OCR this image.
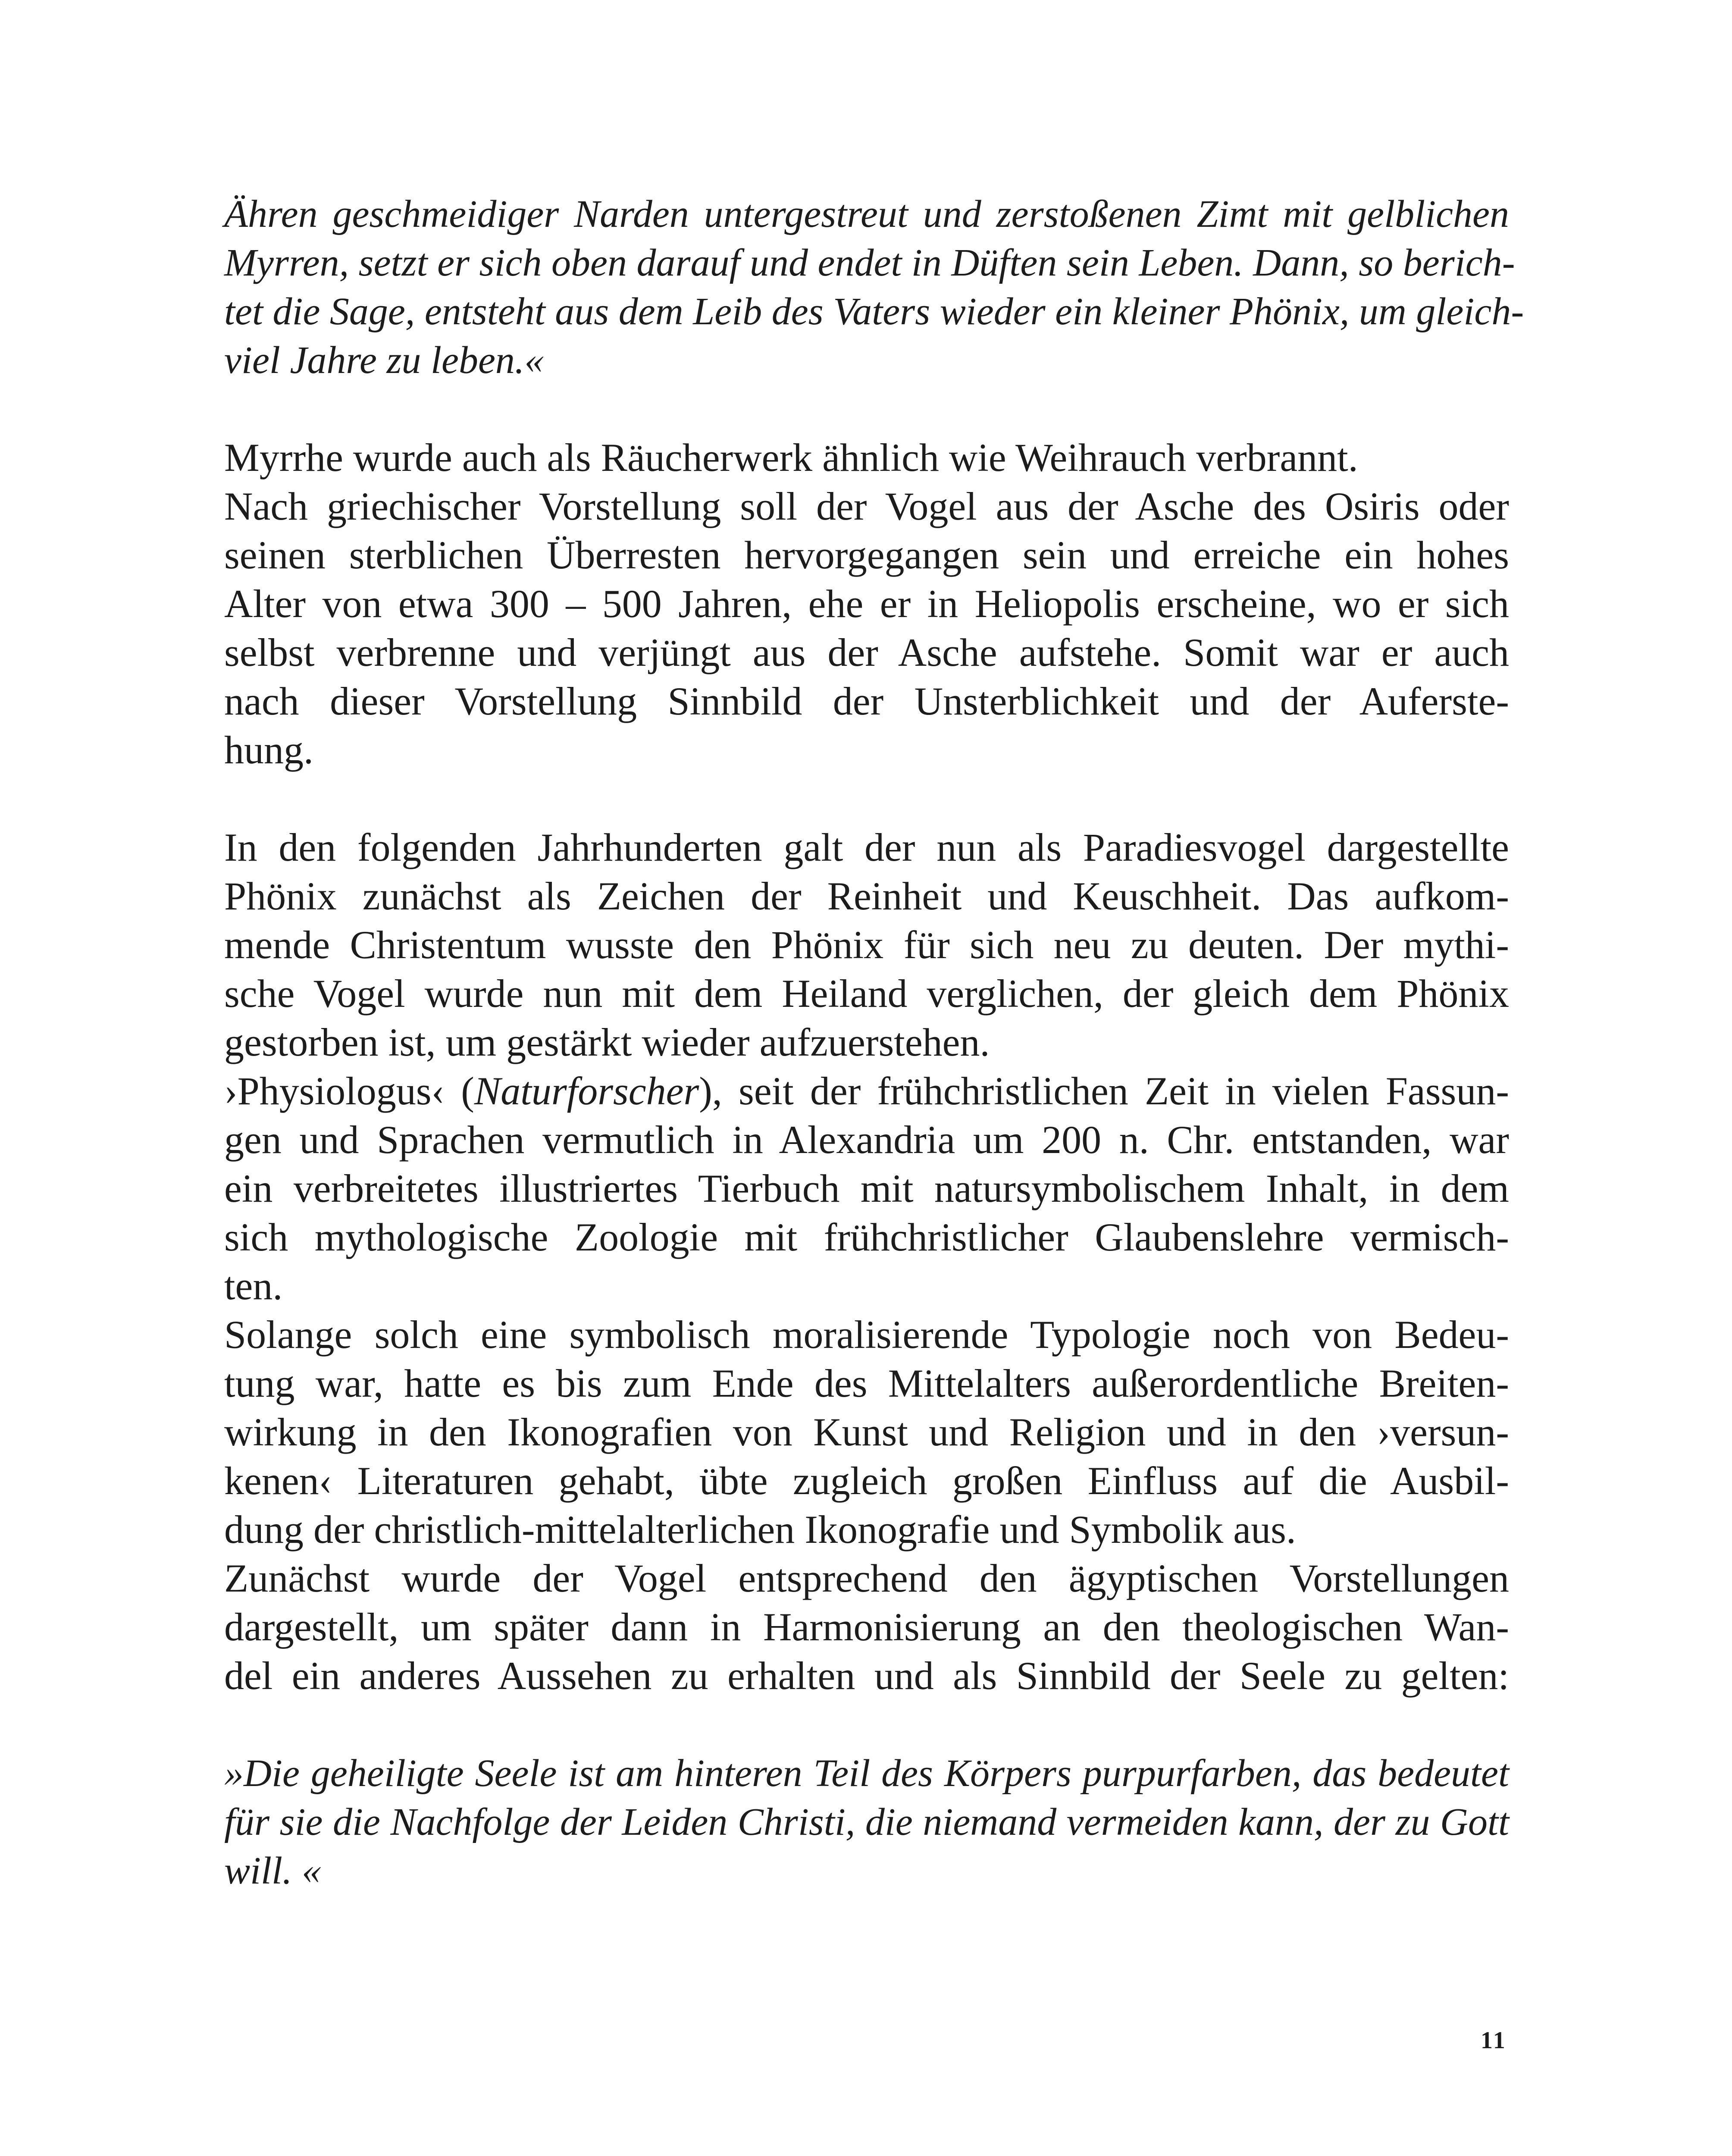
Ähren geschmeidiger Narden untergestreut und zerstoßenen Zimt mit gelblichen
Myrren, setzt er sich oben darauf und endet in Düften sein Leben. Dann, so berich-
tet die Sage, entsteht aus dem Leib des Vaters wieder ein kleiner Phönix, um gleich-
viel Jahre zu leben.«
Myrrhe wurde auch als Räucherwerk ähnlich wie Weihrauch verbrannt.
Nach griechischer Vorstellung soll der Vogel aus der Asche des Osiris oder
seinen sterblichen Überresten hervorgegangen sein und erreiche ein hohes
Alter von etwa 300 – 500 Jahren, ehe er in Heliopolis erscheine, wo er sich
selbst verbrenne und verjüngt aus der Asche aufstehe. Somit war er auch
nach dieser Vorstellung Sinnbild der Unsterblichkeit und der Auferste-
hung.
In den folgenden Jahrhunderten galt der nun als Paradiesvogel dargestellte
Phönix zunächst als Zeichen der Reinheit und Keuschheit. Das aufkom-
mende Christentum wusste den Phönix für sich neu zu deuten. Der mythi-
sche Vogel wurde nun mit dem Heiland verglichen, der gleich dem Phönix
gestorben ist, um gestärkt wieder aufzuerstehen.
›Physiologus‹ (Naturforscher), seit der frühchristlichen Zeit in vielen Fassun-
gen und Sprachen vermutlich in Alexandria um 200 n. Chr. entstanden, war
ein verbreitetes illustriertes Tierbuch mit natursymbolischem Inhalt, in dem
sich mythologische Zoologie mit frühchristlicher Glaubenslehre vermisch-
ten.
Solange solch eine symbolisch moralisierende Typologie noch von Bedeu-
tung war, hatte es bis zum Ende des Mittelalters außerordentliche Breiten-
wirkung in den Ikonografien von Kunst und Religion und in den ›versun-
kenen‹ Literaturen gehabt, übte zugleich großen Einfluss auf die Ausbil-
dung der christlich-mittelalterlichen Ikonografie und Symbolik aus.
Zunächst wurde der Vogel entsprechend den ägyptischen Vorstellungen
dargestellt, um später dann in Harmonisierung an den theologischen Wan-
del ein anderes Aussehen zu erhalten und als Sinnbild der Seele zu gelten:
»Die geheiligte Seele ist am hinteren Teil des Körpers purpurfarben, das bedeutet
für sie die Nachfolge der Leiden Christi, die niemand vermeiden kann, der zu Gott
will. «
11
